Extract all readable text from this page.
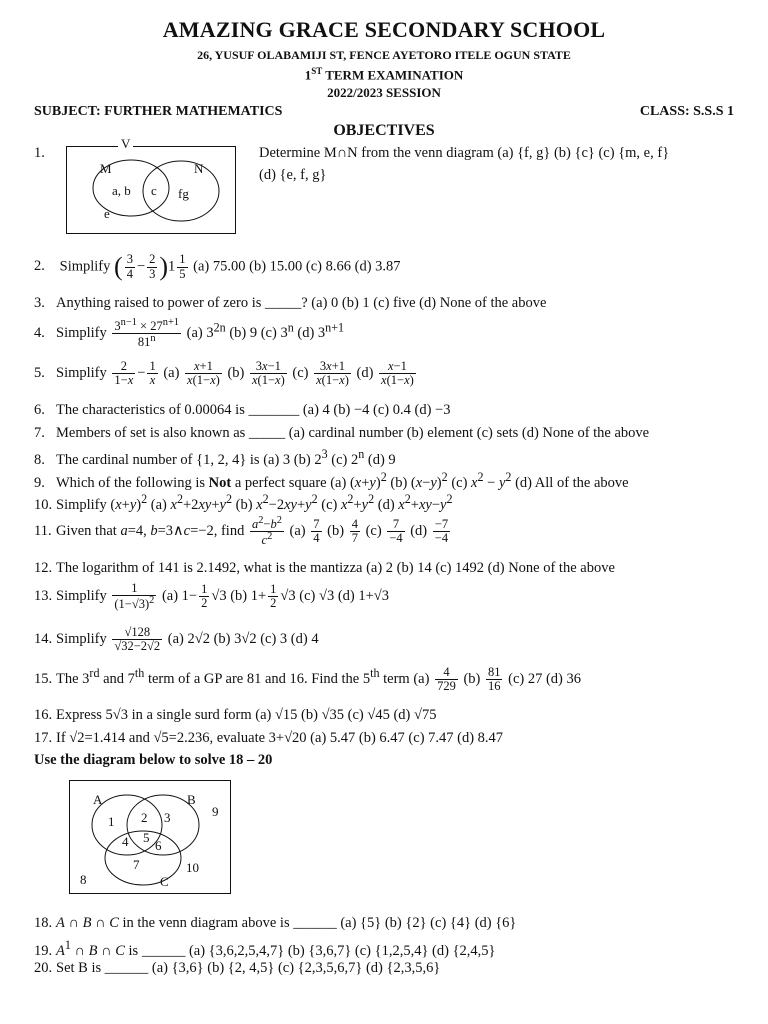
AMAZING GRACE SECONDARY SCHOOL
26, YUSUF OLABAMIJI ST, FENCE AYETORO ITELE OGUN STATE
1ST TERM EXAMINATION
2022/2023 SESSION
SUBJECT: FURTHER MATHEMATICS	CLASS: S.S.S 1
OBJECTIVES
1.
V
M	N
a, b c fg
e
Determine M∩N from the venn diagram (a) {f, g} (b) {c} (c) {m, e, f}
(d) {e, f, g}
2. Simplify ( $\frac{3}{4} - \frac{2}{3} )1 \frac{1}{5} (a)$ 75.00 (b) 15.00 (c) 8.66 (d) 3.87
3. Anything raised to power of zero is _____? (a) 0 (b) 1 (c) five (d) None of the above
4. Simplify $\frac{3^{n-1} \times 27^{n+1}}{81^n} (a)$ $3^{2n}$ (b) 9 (c) 3$^n$ (d) $3^{n+1}$
5. Simplify $\frac{2}{1-x} - \frac{1}{x} (a) \frac{x+1}{x(1-x)} (b) \frac{3x-1}{x(1-x)} (c) \frac{3x+1}{x(1-x)} (d) \frac{x-1}{x(1-x)}$
6. The characteristics of 0.00064 is _______ (a) 4 (b) −4 (c) 0.4 (d) −3
7. Members of set is also known as _____ (a) cardinal number (b) element (c) sets (d) None of the above
8. The cardinal number of {1, 2, 4} is (a) 3 (b) $2^3$ (c) 2$^n$ (d) 9
9. Which of the following is Not a perfect square (a) $(x+y)^2$ (b) $(x-y)^2$ (c) $x^2 - y^2$ (d) All of the above
10. Simplify $(x+y)^2$ (a) $x^2+2xy+y^2$ (b) $x^2-2xy+y^2$ (c) $x^2+y^2$ (d) $x^2+xy-y^2$
11. Given that a=4, b=3∧c=−2, find $\frac{a^2-b^2}{c^2} (a) \frac{7}{4} (b) \frac{4}{7} (c) \frac{7}{-4} (d) \frac{-7}{-4}$
12. The logarithm of 141 is 2.1492, what is the mantizza (a) 2 (b) 14 (c) 1492 (d) None of the above
13. Simplify $\frac{1}{(1-√3)^2} (a)$ $1- \frac{1}{2} √3$ (b) $1+ \frac{1}{2} √3$ (c) √3 (d) 1+√3
14. Simplify $\frac{√128}{√32-2√2} (a)$ 2√2 (b) 3√2 (c) 3 (d) 4
15. The 3rd and 7th term of a GP are 81 and 16. Find the 5th term $(a) \frac{4}{729} (b) \frac{81}{16} (c)$ 27 (d) 36
16. Express 5√3 in a single surd form (a) √15 (b) √35 (c) √45 (d) √75
17. If √2=1.414 and √5=2.236, evaluate 3+√20 (a) 5.47 (b) 6.47 (c) 7.47 (d) 8.47
Use the diagram below to solve 18 – 20
A	B
C
1 2 3
4 5
6
7
8
9
10
18. A ∩ B ∩ C in the venn diagram above is ______ (a) {5} (b) {2} (c) {4} (d) {6}
19. $A^1$ ∩ B ∩ C is ______ (a) {3,6,2,5,4,7} (b) {3,6,7} (c) {1,2,5,4} (d) {2,4,5}
20. Set B is ______ (a) {3,6} (b) {2, 4,5} (c) {2,3,5,6,7} (d) {2,3,5,6}
